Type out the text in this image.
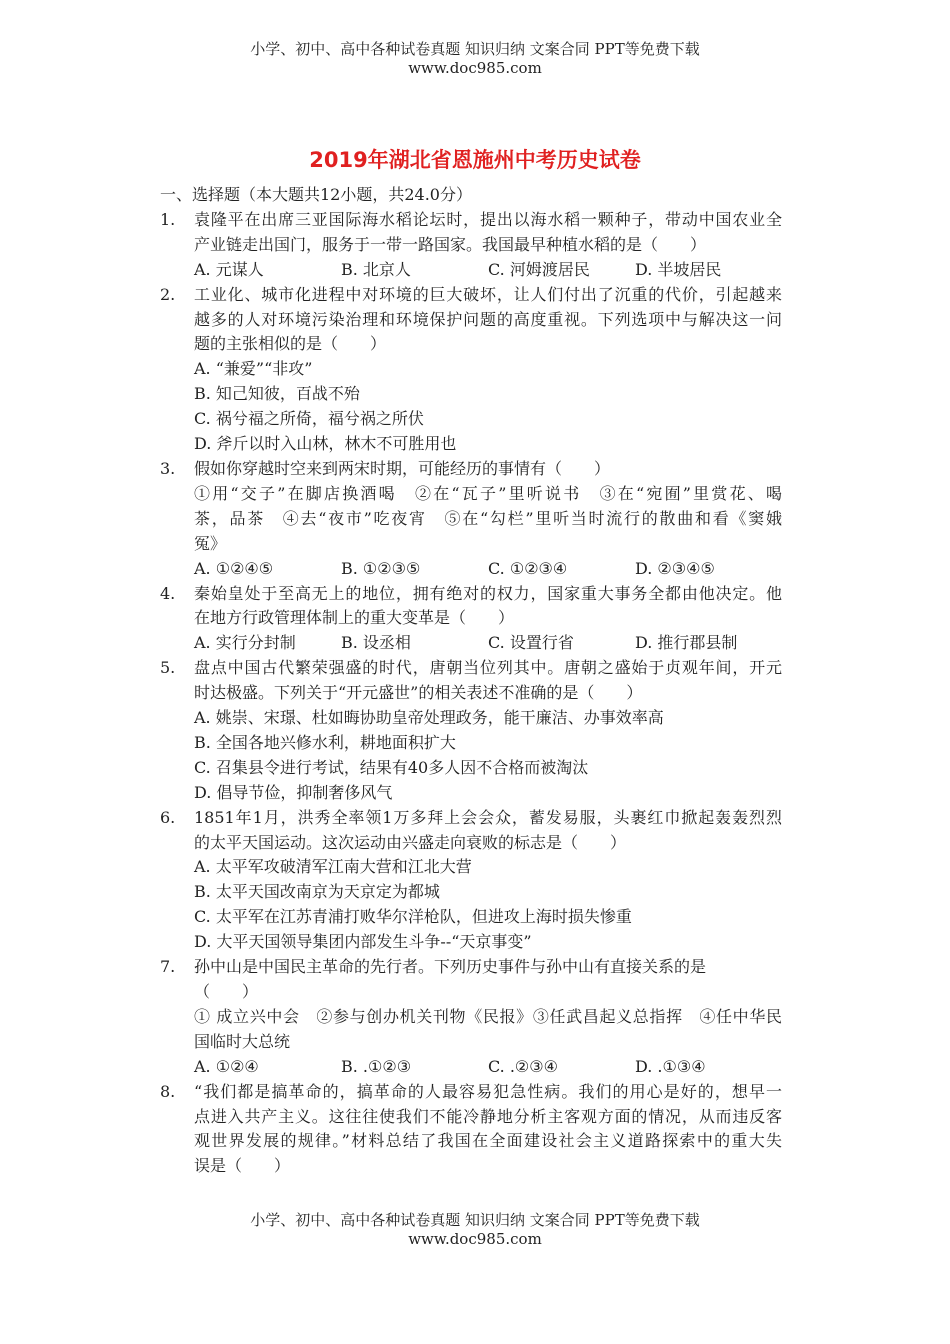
小学、初中、高中各种试卷真题 知识归纳 文案合同 PPT等免费下载
www.doc985.com
2019年湖北省恩施州中考历史试卷
一、选择题（本大题共12小题，共24.0分）
1. 袁隆平在出席三亚国际海水稻论坛时，提出以海水稻一颗种子，带动中国农业全
产业链走出国门，服务于一带一路国家。我国最早种植水稻的是（　　）
A. 元谋人	B. 北京人	C. 河姆渡居民	D. 半坡居民
2. 工业化、城市化进程中对环境的巨大破坏，让人们付出了沉重的代价，引起越来
越多的人对环境污染治理和环境保护问题的高度重视。下列选项中与解决这一问
题的主张相似的是（　　）
A. “兼爱”“非攻”
B. 知己知彼，百战不殆
C. 祸兮福之所倚，福兮祸之所伏
D. 斧斤以时入山林，林木不可胜用也
3. 假如你穿越时空来到两宋时期，可能经历的事情有（　　）
①用“交子”在脚店换酒喝　②在“瓦子”里听说书　③在“宛囿”里赏花、喝
茶，品茶　④去“夜市”吃夜宵　⑤在“勾栏”里听当时流行的散曲和看《窦娥
冤》
A. ①②④⑤	B. ①②③⑤	C. ①②③④	D. ②③④⑤
4. 秦始皇处于至高无上的地位，拥有绝对的权力，国家重大事务全都由他决定。他
在地方行政管理体制上的重大变革是（　　）
A. 实行分封制	B. 设丞相	C. 设置行省	D. 推行郡县制
5. 盘点中国古代繁荣强盛的时代，唐朝当位列其中。唐朝之盛始于贞观年间，开元
时达极盛。下列关于“开元盛世”的相关表述不准确的是（　　）
A. 姚崇、宋璟、杜如晦协助皇帝处理政务，能干廉洁、办事效率高
B. 全国各地兴修水利，耕地面积扩大
C. 召集县令进行考试，结果有40多人因不合格而被淘汰
D. 倡导节俭，抑制奢侈风气
6. 1851年1月，洪秀全率领1万多拜上会会众，蓄发易服，头裹红巾掀起轰轰烈烈
的太平天国运动。这次运动由兴盛走向衰败的标志是（　　）
A. 太平军攻破清军江南大营和江北大营
B. 太平天国改南京为天京定为都城
C. 太平军在江苏青浦打败华尔洋枪队，但进攻上海时损失惨重
D. 大平天国领导集团内部发生斗争--“天京事变”
7. 孙中山是中国民主革命的先行者。下列历史事件与孙中山有直接关系的是
（　　）
① 成立兴中会　②参与创办机关刊物《民报》③任武昌起义总指挥　④任中华民
国临时大总统
A. ①②④	B. .①②③	C. .②③④	D. .①③④
8. “我们都是搞革命的，搞革命的人最容易犯急性病。我们的用心是好的，想早一
点进入共产主义。这往往使我们不能冷静地分析主客观方面的情况，从而违反客
观世界发展的规律。”材料总结了我国在全面建设社会主义道路探索中的重大失
误是（　　）
小学、初中、高中各种试卷真题 知识归纳 文案合同 PPT等免费下载
www.doc985.com
